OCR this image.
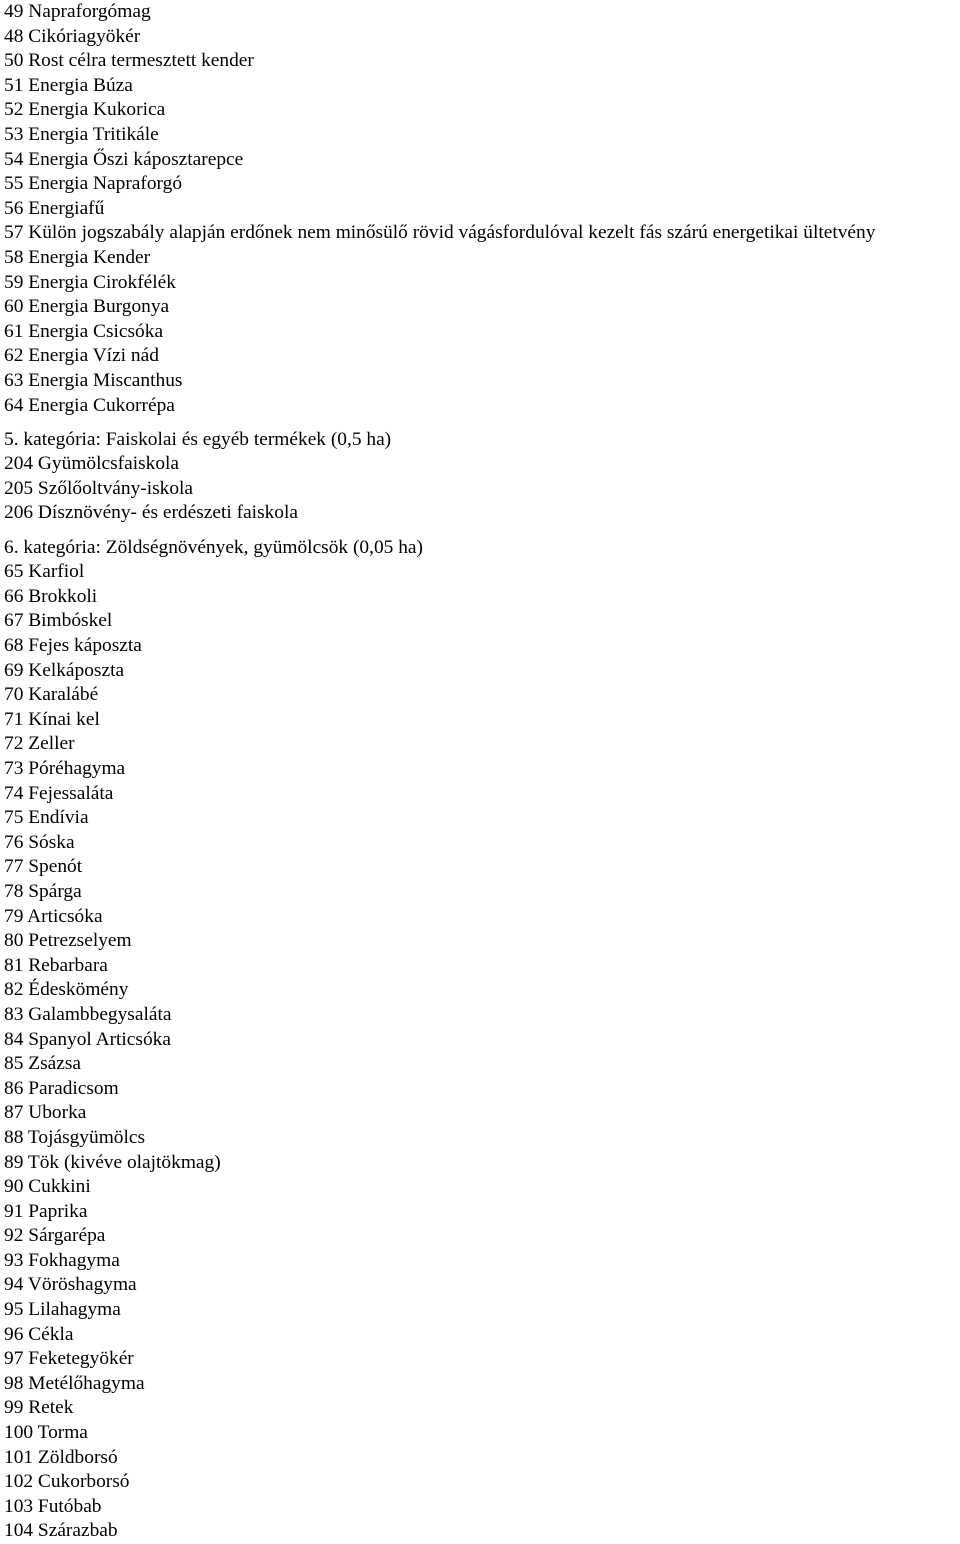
49 Napraforgómag
48 Cikóriagyökér
50 Rost célra termesztett kender
51 Energia Búza
52 Energia Kukorica
53 Energia Tritikále
54 Energia Őszi káposztarepce
55 Energia Napraforgó
56 Energiafű
57 Külön jogszabály alapján erdőnek nem minősülő rövid vágásfordulóval kezelt fás szárú energetikai ültetvény
58 Energia Kender
59 Energia Cirokfélék
60 Energia Burgonya
61 Energia Csicsóka
62 Energia Vízi nád
63 Energia Miscanthus
64 Energia Cukorrépa
5. kategória: Faiskolai és egyéb termékek (0,5 ha)
204 Gyümölcsfaiskola
205 Szőlőoltvány-iskola
206 Dísznövény- és erdészeti faiskola
6. kategória: Zöldségnövények, gyümölcsök (0,05 ha)
65 Karfiol
66 Brokkoli
67 Bimbóskel
68 Fejes káposzta
69 Kelkáposzta
70 Karalábé
71 Kínai kel
72 Zeller
73 Póréhagyma
74 Fejessaláta
75 Endívia
76 Sóska
77 Spenót
78 Spárga
79 Articsóka
80 Petrezselyem
81 Rebarbara
82 Édeskömény
83 Galambbegysaláta
84 Spanyol Articsóka
85 Zsázsa
86 Paradicsom
87 Uborka
88 Tojásgyümölcs
89 Tök (kivéve olajtökmag)
90 Cukkini
91 Paprika
92 Sárgarépa
93 Fokhagyma
94 Vöröshagyma
95 Lilahagyma
96 Cékla
97 Feketegyökér
98 Metélőhagyma
99 Retek
100 Torma
101 Zöldborsó
102 Cukorborsó
103 Futóbab
104 Szárazbab
